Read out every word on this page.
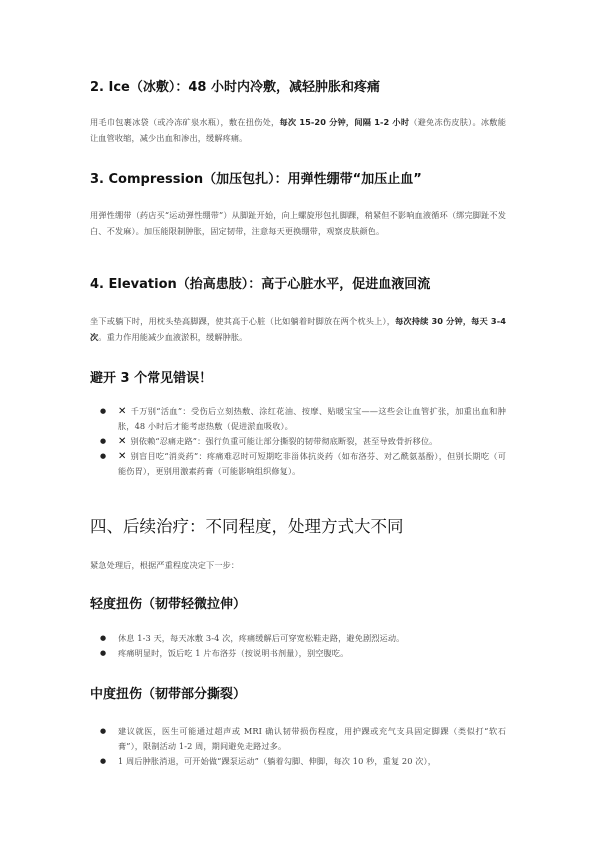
2. Ice（冰敷）：48 小时内冷敷，减轻肿胀和疼痛

用毛巾包裹冰袋（或冷冻矿泉水瓶），敷在扭伤处，每次 15-20 分钟，间隔 1-2 小时（避免冻伤皮肤）。冰敷能让血管收缩，减少出血和渗出，缓解疼痛。

3. Compression（加压包扎）：用弹性绷带“加压止血”

用弹性绷带（药店买“运动弹性绷带”）从脚趾开始，向上螺旋形包扎脚踝，稍紧但不影响血液循环（绑完脚趾不发白、不发麻）。加压能限制肿胀，固定韧带，注意每天更换绷带，观察皮肤颜色。

4. Elevation（抬高患肢）：高于心脏水平，促进血液回流

坐下或躺下时，用枕头垫高脚踝，使其高于心脏（比如躺着时脚放在两个枕头上），每次持续 30 分钟，每天 3-4 次。重力作用能减少血液淤积，缓解肿胀。

避开 3 个常见错误！
● ✕ 千万别“活血”：受伤后立刻热敷、涂红花油、按摩、贴暖宝宝——这些会让血管扩张，加重出血和肿胀，48 小时后才能考虑热敷（促进淤血吸收）。
● ✕ 别依赖“忍痛走路”：强行负重可能让部分撕裂的韧带彻底断裂，甚至导致骨折移位。
● ✕ 别盲目吃“消炎药”：疼痛难忍时可短期吃非甾体抗炎药（如布洛芬、对乙酰氨基酚），但别长期吃（可能伤胃），更别用激素药膏（可能影响组织修复）。
四、后续治疗：不同程度，处理方式大不同

紧急处理后，根据严重程度决定下一步：

轻度扭伤（韧带轻微拉伸）
● 休息 1-3 天，每天冰敷 3-4 次，疼痛缓解后可穿宽松鞋走路，避免剧烈运动。
● 疼痛明显时，饭后吃 1 片布洛芬（按说明书剂量），别空腹吃。
中度扭伤（韧带部分撕裂）
● 建议就医，医生可能通过超声或 MRI 确认韧带损伤程度，用护踝或充气支具固定脚踝（类似打“软石膏”），限制活动 1-2 周，期间避免走路过多。
● 1 周后肿胀消退，可开始做“踝泵运动”（躺着勾脚、伸脚，每次 10 秒，重复 20 次），
